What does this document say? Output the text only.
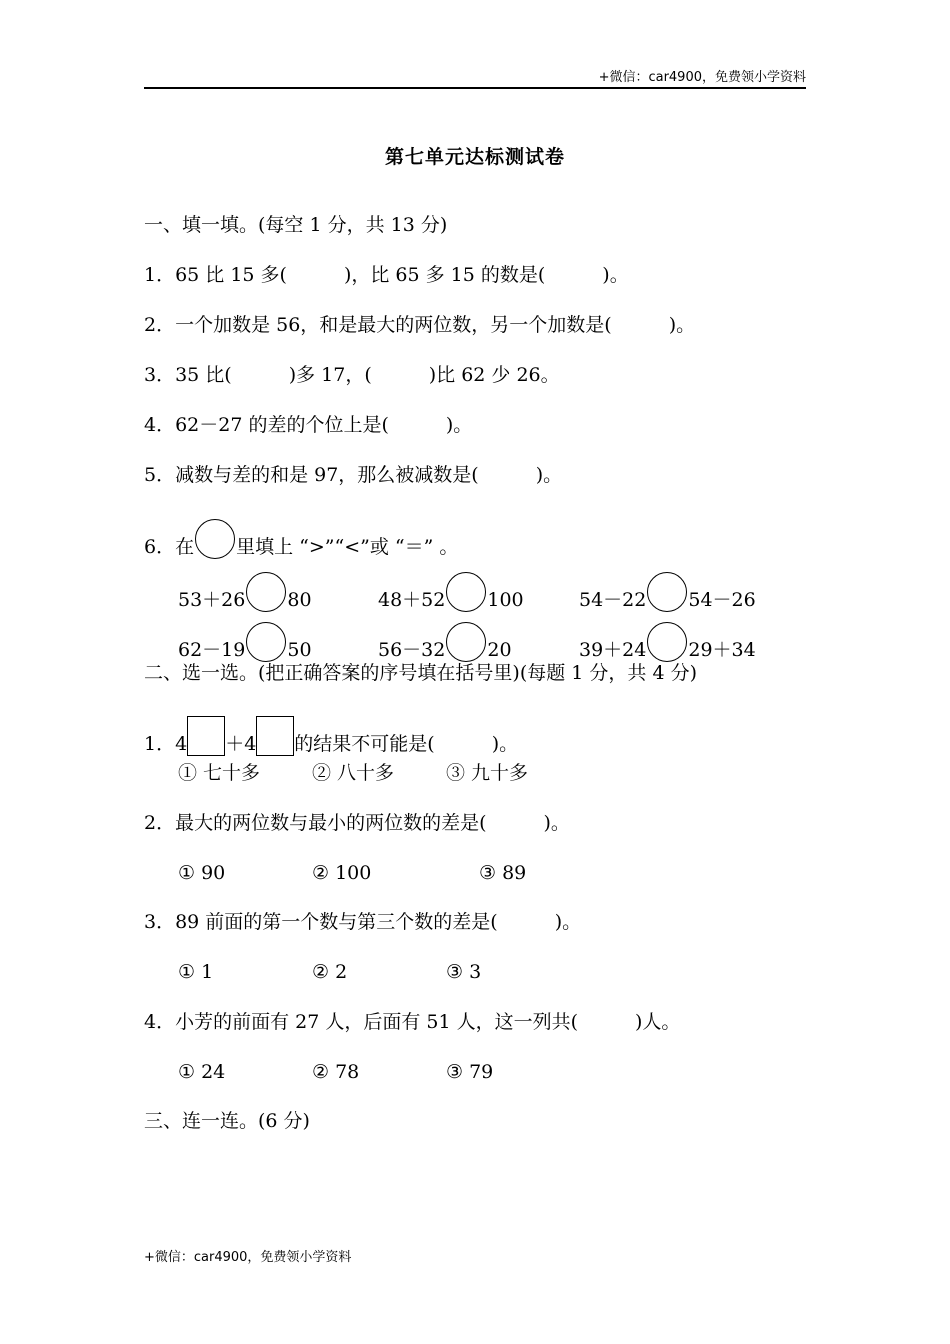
+微信：car4900，免费领小学资料
第七单元达标测试卷
一、填一填。(每空 1 分，共 13 分)
1．65 比 15 多(　　　)，比 65 多 15 的数是(　　　)。
2．一个加数是 56，和是最大的两位数，另一个加数是(　　　)。
3．35 比(　　　)多 17，(　　　)比 62 少 26。
4．62－27 的差的个位上是(　　　)。
5．减数与差的和是 97，那么被减数是(　　　)。
6．在 里填上 “>”“<”或 “＝” 。
53＋26 80	48＋52 100	54－22 54－26
62－19 50	56－32 20	39＋24 29＋34
二、选一选。(把正确答案的序号填在括号里)(每题 1 分，共 4 分)
1．4 ＋4 的结果不可能是(　　　)。
① 七十多	② 八十多	③ 九十多
2．最大的两位数与最小的两位数的差是(　　　)。
① 90	② 100	③ 89
3．89 前面的第一个数与第三个数的差是(　　　)。
① 1	② 2	③ 3
4．小芳的前面有 27 人，后面有 51 人，这一列共(　　　)人。
① 24	② 78	③ 79
三、连一连。(6 分)
+微信：car4900，免费领小学资料
